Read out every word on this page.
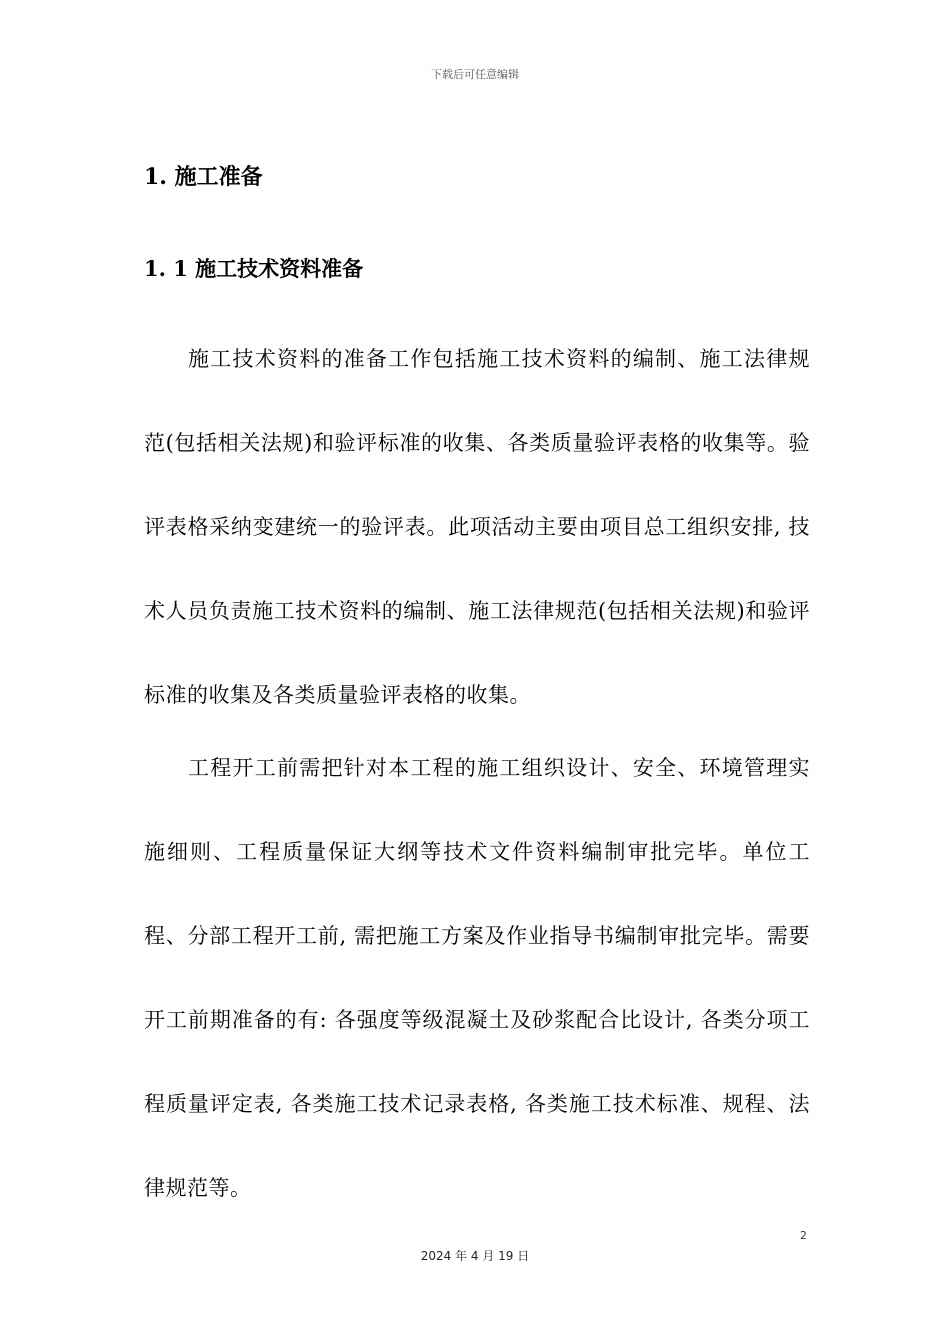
下载后可任意编辑
1. 施工准备
1. 1 施工技术资料准备

施工技术资料的准备工作包括施工技术资料的编制、施工法律规范(包括相关法规)和验评标准的收集、各类质量验评表格的收集等。验评表格采纳变建统一的验评表。此项活动主要由项目总工组织安排, 技术人员负责施工技术资料的编制、施工法律规范(包括相关法规)和验评标准的收集及各类质量验评表格的收集。

工程开工前需把针对本工程的施工组织设计、安全、环境管理实施细则、工程质量保证大纲等技术文件资料编制审批完毕。单位工程、分部工程开工前, 需把施工方案及作业指导书编制审批完毕。需要开工前期准备的有: 各强度等级混凝土及砂浆配合比设计, 各类分项工程质量评定表, 各类施工技术记录表格, 各类施工技术标准、规程、法律规范等。

2
2024 年 4 月 19 日
